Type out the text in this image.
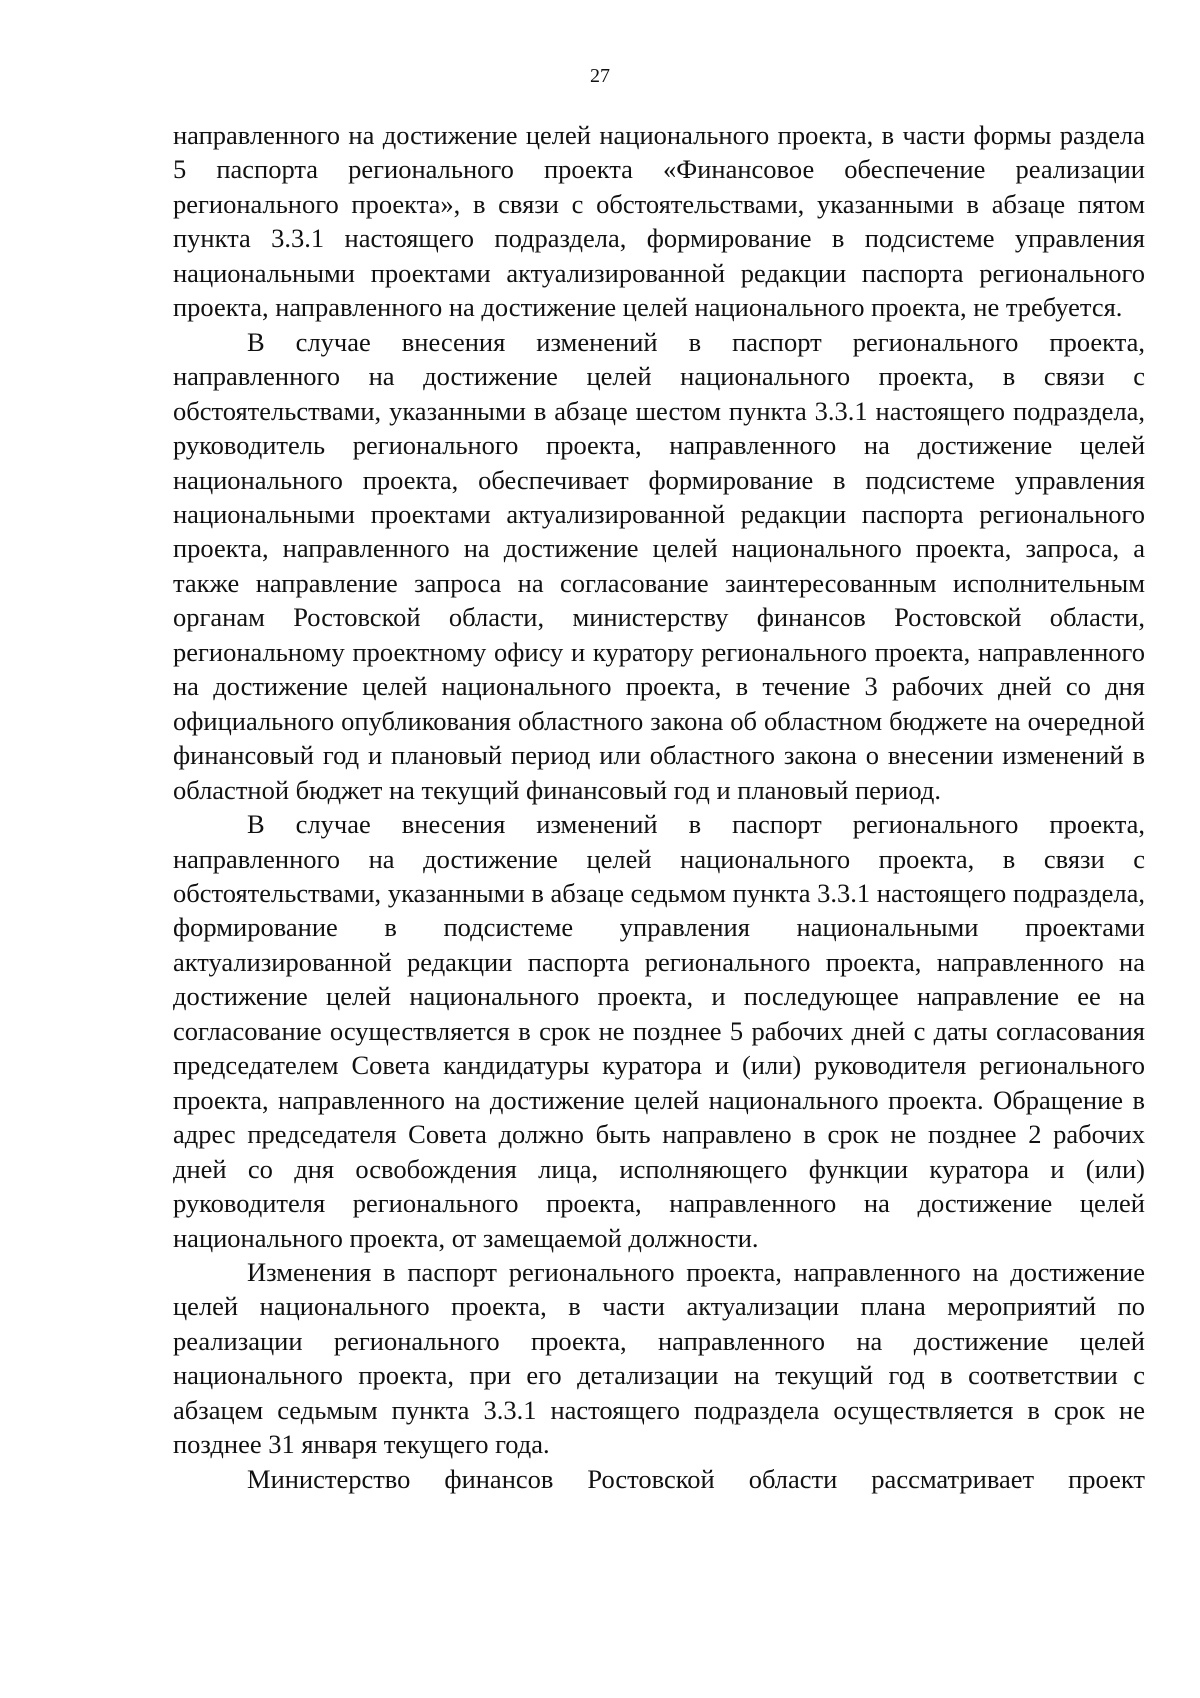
27

направленного на достижение целей национального проекта, в части формы раздела 5 паспорта регионального проекта «Финансовое обеспечение реализации регионального проекта», в связи с обстоятельствами, указанными в абзаце пятом пункта 3.3.1 настоящего подраздела, формирование в подсистеме управления национальными проектами актуализированной редакции паспорта регионального проекта, направленного на достижение целей национального проекта, не требуется.

В случае внесения изменений в паспорт регионального проекта, направленного на достижение целей национального проекта, в связи с обстоятельствами, указанными в абзаце шестом пункта 3.3.1 настоящего подраздела, руководитель регионального проекта, направленного на достижение целей национального проекта, обеспечивает формирование в подсистеме управления национальными проектами актуализированной редакции паспорта регионального проекта, направленного на достижение целей национального проекта, запроса, а также направление запроса на согласование заинтересованным исполнительным органам Ростовской области, министерству финансов Ростовской области, региональному проектному офису и куратору регионального проекта, направленного на достижение целей национального проекта, в течение 3 рабочих дней со дня официального опубликования областного закона об областном бюджете на очередной финансовый год и плановый период или областного закона о внесении изменений в областной бюджет на текущий финансовый год и плановый период.

В случае внесения изменений в паспорт регионального проекта, направленного на достижение целей национального проекта, в связи с обстоятельствами, указанными в абзаце седьмом пункта 3.3.1 настоящего подраздела, формирование в подсистеме управления национальными проектами актуализированной редакции паспорта регионального проекта, направленного на достижение целей национального проекта, и последующее направление ее на согласование осуществляется в срок не позднее 5 рабочих дней с даты согласования председателем Совета кандидатуры куратора и (или) руководителя регионального проекта, направленного на достижение целей национального проекта. Обращение в адрес председателя Совета должно быть направлено в срок не позднее 2 рабочих дней со дня освобождения лица, исполняющего функции куратора и (или) руководителя регионального проекта, направленного на достижение целей национального проекта, от замещаемой должности.

Изменения в паспорт регионального проекта, направленного на достижение целей национального проекта, в части актуализации плана мероприятий по реализации регионального проекта, направленного на достижение целей национального проекта, при его детализации на текущий год в соответствии с абзацем седьмым пункта 3.3.1 настоящего подраздела осуществляется в срок не позднее 31 января текущего года.

Министерство финансов Ростовской области рассматривает проект
